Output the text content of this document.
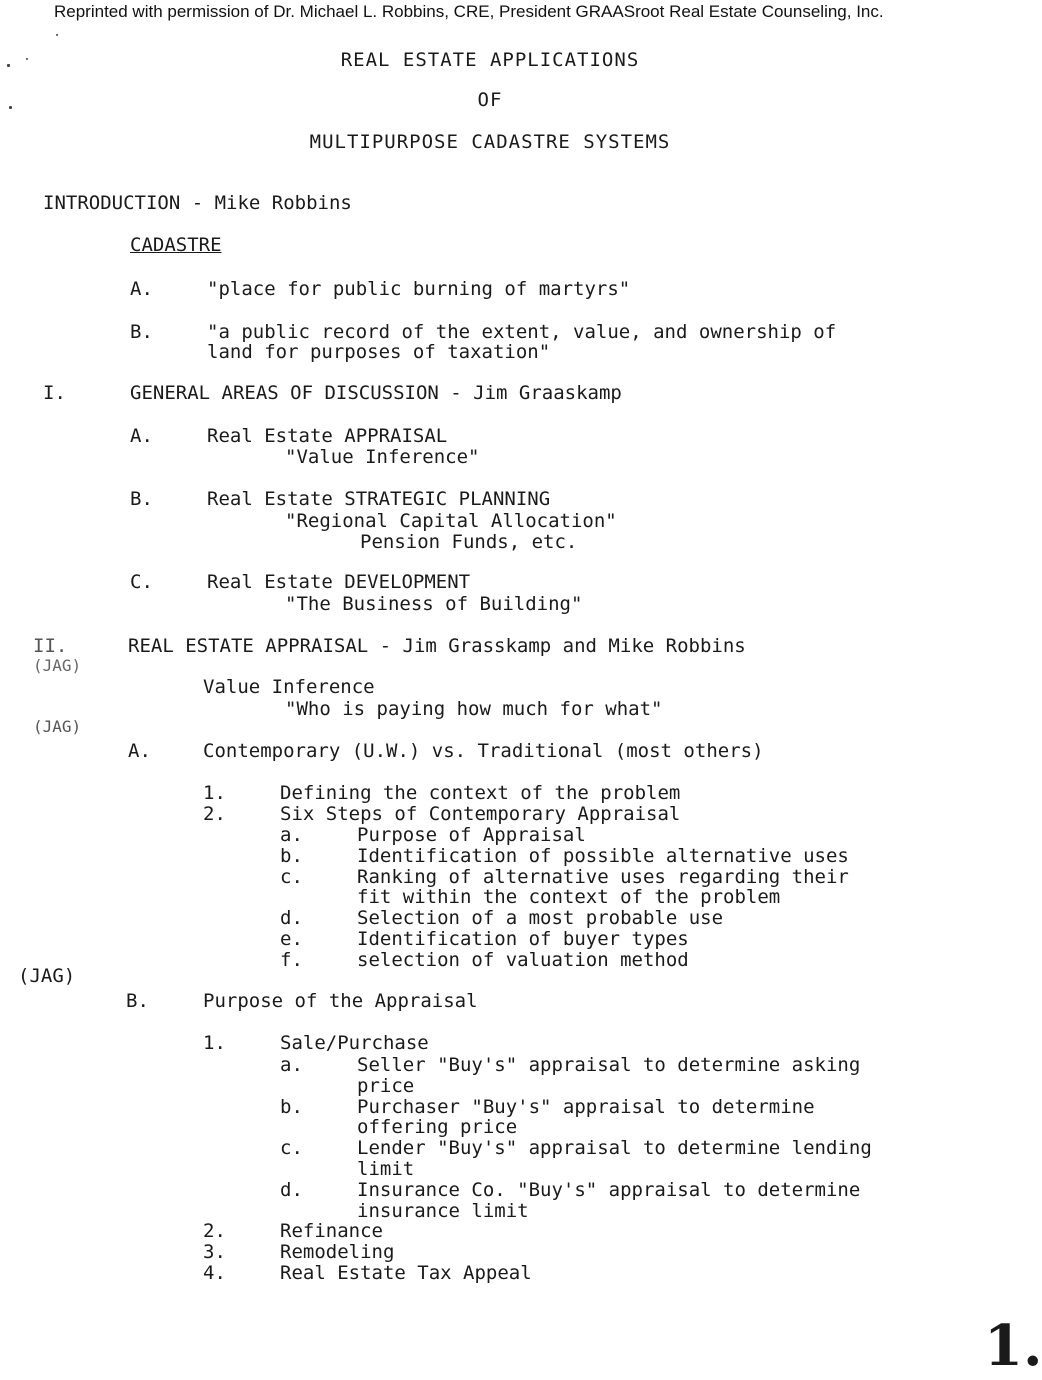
Reprinted with permission of Dr. Michael L. Robbins, CRE, President GRAASroot Real Estate Counseling, Inc.
REAL ESTATE APPLICATIONS
OF
MULTIPURPOSE CADASTRE SYSTEMS
INTRODUCTION - Mike Robbins
CADASTRE
A.	"place for public burning of martyrs"
B.	"a public record of the extent, value, and ownership of
land for purposes of taxation"
I.	GENERAL AREAS OF DISCUSSION - Jim Graaskamp
A.	Real Estate APPRAISAL
"Value Inference"
B.	Real Estate STRATEGIC PLANNING
"Regional Capital Allocation"
Pension Funds, etc.
C.	Real Estate DEVELOPMENT
"The Business of Building"
II.
(JAG)
REAL ESTATE APPRAISAL - Jim Grasskamp and Mike Robbins
Value Inference
"Who is paying how much for what"
(JAG)
A.	Contemporary (U.W.) vs. Traditional (most others)
1.	Defining the context of the problem
2.	Six Steps of Contemporary Appraisal
a.	Purpose of Appraisal
b.	Identification of possible alternative uses
c.	Ranking of alternative uses regarding their
fit within the context of the problem
d.	Selection of a most probable use
e.	Identification of buyer types
f.	selection of valuation method
(JAG)
B.	Purpose of the Appraisal
1.	Sale/Purchase
a.	Seller "Buy's" appraisal to determine asking
price
b.	Purchaser "Buy's" appraisal to determine
offering price
c.	Lender "Buy's" appraisal to determine lending
limit
d.	Insurance Co. "Buy's" appraisal to determine
insurance limit
2.	Refinance
3.	Remodeling
4.	Real Estate Tax Appeal
1.
